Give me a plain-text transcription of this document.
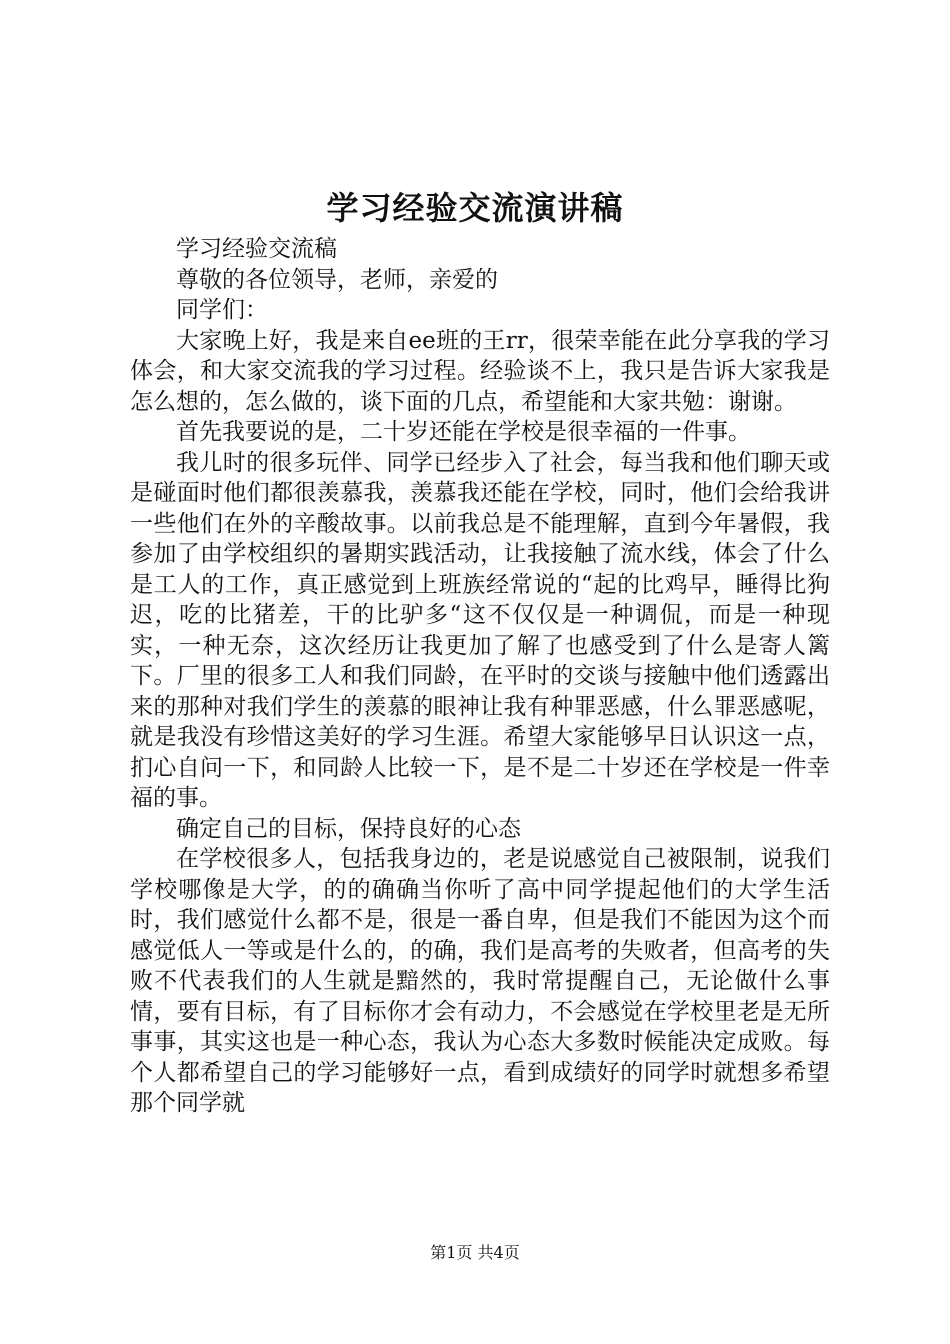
学习经验交流演讲稿

学习经验交流稿

尊敬的各位领导，老师，亲爱的

同学们：

大家晚上好，我是来自ee班的王rr，很荣幸能在此分享我的学习体会，和大家交流我的学习过程。经验谈不上，我只是告诉大家我是怎么想的，怎么做的，谈下面的几点，希望能和大家共勉：谢谢。

首先我要说的是，二十岁还能在学校是很幸福的一件事。

我儿时的很多玩伴、同学已经步入了社会，每当我和他们聊天或是碰面时他们都很羡慕我，羡慕我还能在学校，同时，他们会给我讲一些他们在外的辛酸故事。以前我总是不能理解，直到今年暑假，我参加了由学校组织的暑期实践活动，让我接触了流水线，体会了什么是工人的工作，真正感觉到上班族经常说的“起的比鸡早，睡得比狗迟，吃的比猪差，干的比驴多“这不仅仅是一种调侃，而是一种现实，一种无奈，这次经历让我更加了解了也感受到了什么是寄人篱下。厂里的很多工人和我们同龄，在平时的交谈与接触中他们透露出来的那种对我们学生的羡慕的眼神让我有种罪恶感，什么罪恶感呢，就是我没有珍惜这美好的学习生涯。希望大家能够早日认识这一点，扪心自问一下，和同龄人比较一下，是不是二十岁还在学校是一件幸福的事。

确定自己的目标，保持良好的心态

在学校很多人，包括我身边的，老是说感觉自己被限制，说我们学校哪像是大学，的的确确当你听了高中同学提起他们的大学生活时，我们感觉什么都不是，很是一番自卑，但是我们不能因为这个而感觉低人一等或是什么的，的确，我们是高考的失败者，但高考的失败不代表我们的人生就是黯然的，我时常提醒自己，无论做什么事情，要有目标，有了目标你才会有动力，不会感觉在学校里老是无所事事，其实这也是一种心态，我认为心态大多数时候能决定成败。每个人都希望自己的学习能够好一点，看到成绩好的同学时就想多希望那个同学就

第1页 共4页
